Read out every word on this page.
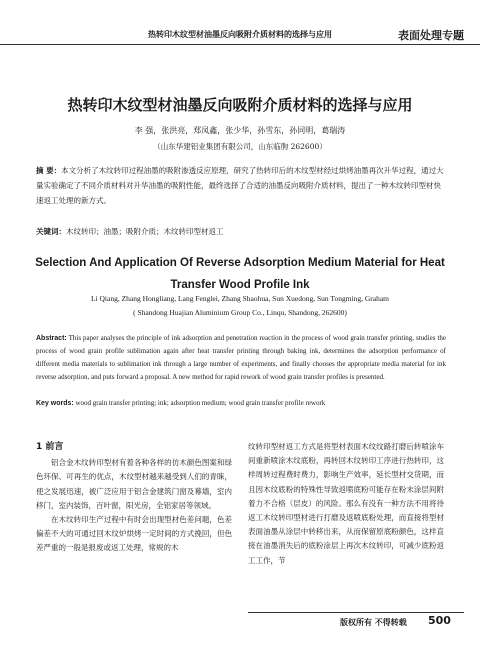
热转印木纹型材油墨反向吸附介质材料的选择与应用	表面处理专题
热转印木纹型材油墨反向吸附介质材料的选择与应用
李 强，张洪亮，郑凤鑫，张少华，孙雪东，孙同明，葛瑞涛
（山东华建铝业集团有限公司，山东临朐 262600）
摘 要：本文分析了木纹转印过程油墨的吸附渗透反应原理，研究了热转印后的木纹型材经过烘烤油墨再次升华过程，通过大量实验确定了不同介质材料对升华油墨的吸附性能，最终选择了合适的油墨反向吸附介质材料，提出了一种木纹转印型材快速返工处理的新方式。
关键词：木纹转印；油墨；吸附介质；木纹转印型材返工
Selection And Application Of Reverse Adsorption Medium Material for Heat Transfer Wood Profile Ink
Li Qiang, Zhang Hongliang, Lang Fenglei, Zhang Shaohua, Sun Xuedong, Sun Tongming, Graham
( Shandong Huajian Aluminium Group Co., Linqu, Shandong, 262600)
Abstract: This paper analyses the principle of ink adsorption and penetration reaction in the process of wood grain transfer printing, studies the process of wood grain profile sublimation again after heat transfer printing through baking ink, determines the adsorption performance of different media materials to sublimation ink through a large number of experiments, and finally chooses the appropriate media material for ink reverse adsorption, and puts forward a proposal. A new method for rapid rework of wood grain transfer profiles is presented.
Key words: wood grain transfer printing; ink; adsorption medium; wood grain transfer profile rework
1 前言

铝合金木纹转印型材有着各种各样的仿木颜色图案和绿色环保、可再生的优点，木纹型材越来越受到人们的青睐，使之发展迅速，被广泛应用于铝合金建筑门窗及幕墙，室内移门，室内装饰，百叶窗，阳光房，全铝家居等领域。

在木纹转印生产过程中有时会出现型材色差问题，色差偏差不大的可通过回木纹炉烘烤一定时间的方式挽回，但色差严重的一般是报废或返工处理，常规的木

纹转印型材返工方式是将型材表面木纹纹路打磨后转喷涂车间重新喷涂木纹底粉，再转回木纹转印工序进行热转印，这样周转过程费时费力，影响生产效率，延长型材交货期，而且因木纹底粉的特殊性导致返喷底粉可能存在粉末涂层间附着力不合格（层皮）的风险。那么有没有一种方法不用将待返工木纹转印型材进行打磨及返喷底粉处理，而直接将型材表面油墨从涂层中转移出来，从而保留原底粉颜色，这样直接在油墨消失后的底粉涂层上再次木纹转印，可减少底粉返工工作，节

版权所有 不得转载 500
